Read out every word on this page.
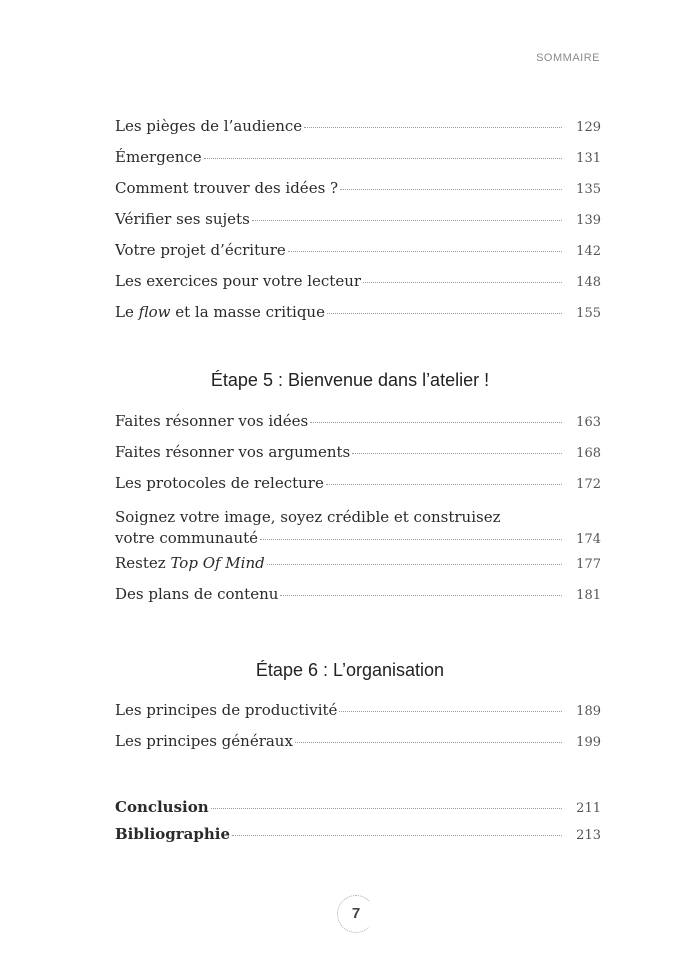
SOMMAIRE
Les pièges de l’audience	129
Émergence	131
Comment trouver des idées ?	135
Vérifier ses sujets	139
Votre projet d’écriture	142
Les exercices pour votre lecteur	148
Le flow et la masse critique	155
Étape 5 : Bienvenue dans l’atelier !
Faites résonner vos idées	163
Faites résonner vos arguments	168
Les protocoles de relecture	172
Soignez votre image, soyez crédible et construisez
votre communauté	174
Restez Top Of Mind	177
Des plans de contenu	181
Étape 6 : L’organisation
Les principes de productivité	189
Les principes généraux	199
Conclusion	211
Bibliographie	213
7
